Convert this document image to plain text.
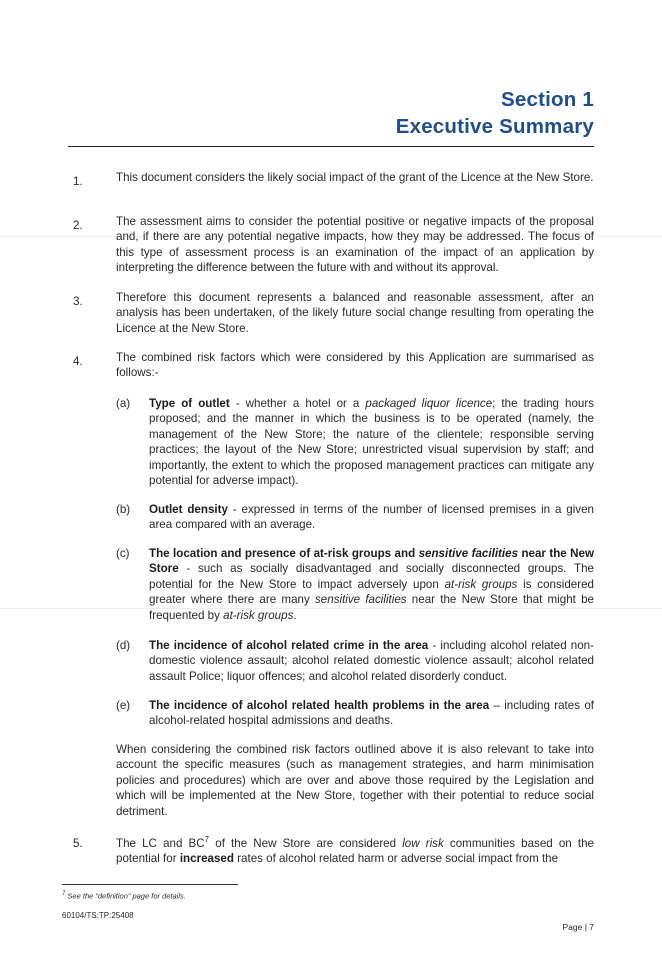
Section 1
Executive Summary
1.	This document considers the likely social impact of the grant of the Licence at the New Store.
2.	The assessment aims to consider the potential positive or negative impacts of the proposal and, if there are any potential negative impacts, how they may be addressed. The focus of this type of assessment process is an examination of the impact of an application by interpreting the difference between the future with and without its approval.
3.	Therefore this document represents a balanced and reasonable assessment, after an analysis has been undertaken, of the likely future social change resulting from operating the Licence at the New Store.
4.	The combined risk factors which were considered by this Application are summarised as follows:-
(a) Type of outlet - whether a hotel or a packaged liquor licence; the trading hours proposed; and the manner in which the business is to be operated (namely, the management of the New Store; the nature of the clientele; responsible serving practices; the layout of the New Store; unrestricted visual supervision by staff; and importantly, the extent to which the proposed management practices can mitigate any potential for adverse impact).
(b) Outlet density - expressed in terms of the number of licensed premises in a given area compared with an average.
(c) The location and presence of at-risk groups and sensitive facilities near the New Store - such as socially disadvantaged and socially disconnected groups. The potential for the New Store to impact adversely upon at-risk groups is considered greater where there are many sensitive facilities near the New Store that might be frequented by at-risk groups.
(d) The incidence of alcohol related crime in the area - including alcohol related non-domestic violence assault; alcohol related domestic violence assault; alcohol related assault Police; liquor offences; and alcohol related disorderly conduct.
(e) The incidence of alcohol related health problems in the area – including rates of alcohol-related hospital admissions and deaths.
When considering the combined risk factors outlined above it is also relevant to take into account the specific measures (such as management strategies, and harm minimisation policies and procedures) which are over and above those required by the Legislation and which will be implemented at the New Store, together with their potential to reduce social detriment.
5.	The LC and $BC^7$ of the New Store are considered low risk communities based on the potential for increased rates of alcohol related harm or adverse social impact from the
$^7$ See the “definition” page for details.
60104/TS:TP:25408
Page | 7
